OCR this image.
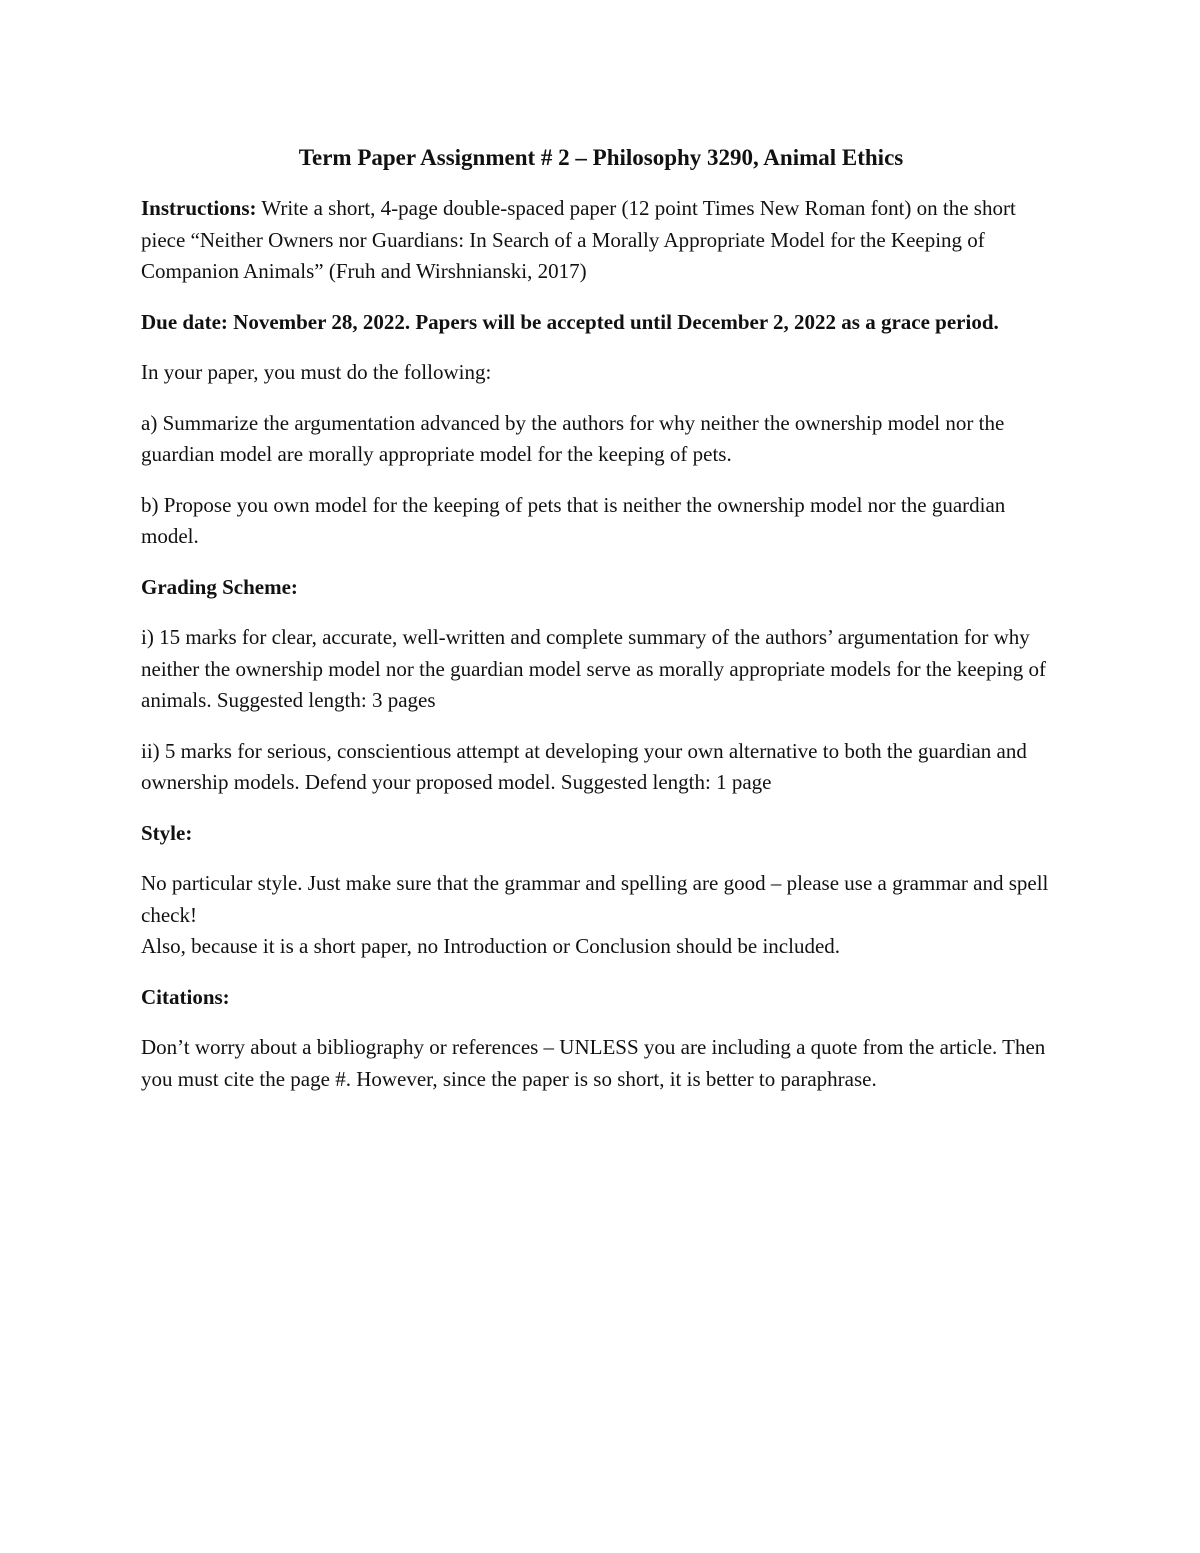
Term Paper Assignment # 2 – Philosophy 3290, Animal Ethics

Instructions: Write a short, 4-page double-spaced paper (12 point Times New Roman font) on the short piece “Neither Owners nor Guardians: In Search of a Morally Appropriate Model for the Keeping of Companion Animals” (Fruh and Wirshnianski, 2017)

Due date: November 28, 2022. Papers will be accepted until December 2, 2022 as a grace period.

In your paper, you must do the following:

a) Summarize the argumentation advanced by the authors for why neither the ownership model nor the guardian model are morally appropriate model for the keeping of pets.

b) Propose you own model for the keeping of pets that is neither the ownership model nor the guardian model.

Grading Scheme:

i) 15 marks for clear, accurate, well-written and complete summary of the authors’ argumentation for why neither the ownership model nor the guardian model serve as morally appropriate models for the keeping of animals. Suggested length: 3 pages

ii) 5 marks for serious, conscientious attempt at developing your own alternative to both the guardian and ownership models. Defend your proposed model. Suggested length: 1 page

Style:

No particular style. Just make sure that the grammar and spelling are good – please use a grammar and spell check!

Also, because it is a short paper, no Introduction or Conclusion should be included.

Citations:

Don’t worry about a bibliography or references – UNLESS you are including a quote from the article. Then you must cite the page #. However, since the paper is so short, it is better to paraphrase.
